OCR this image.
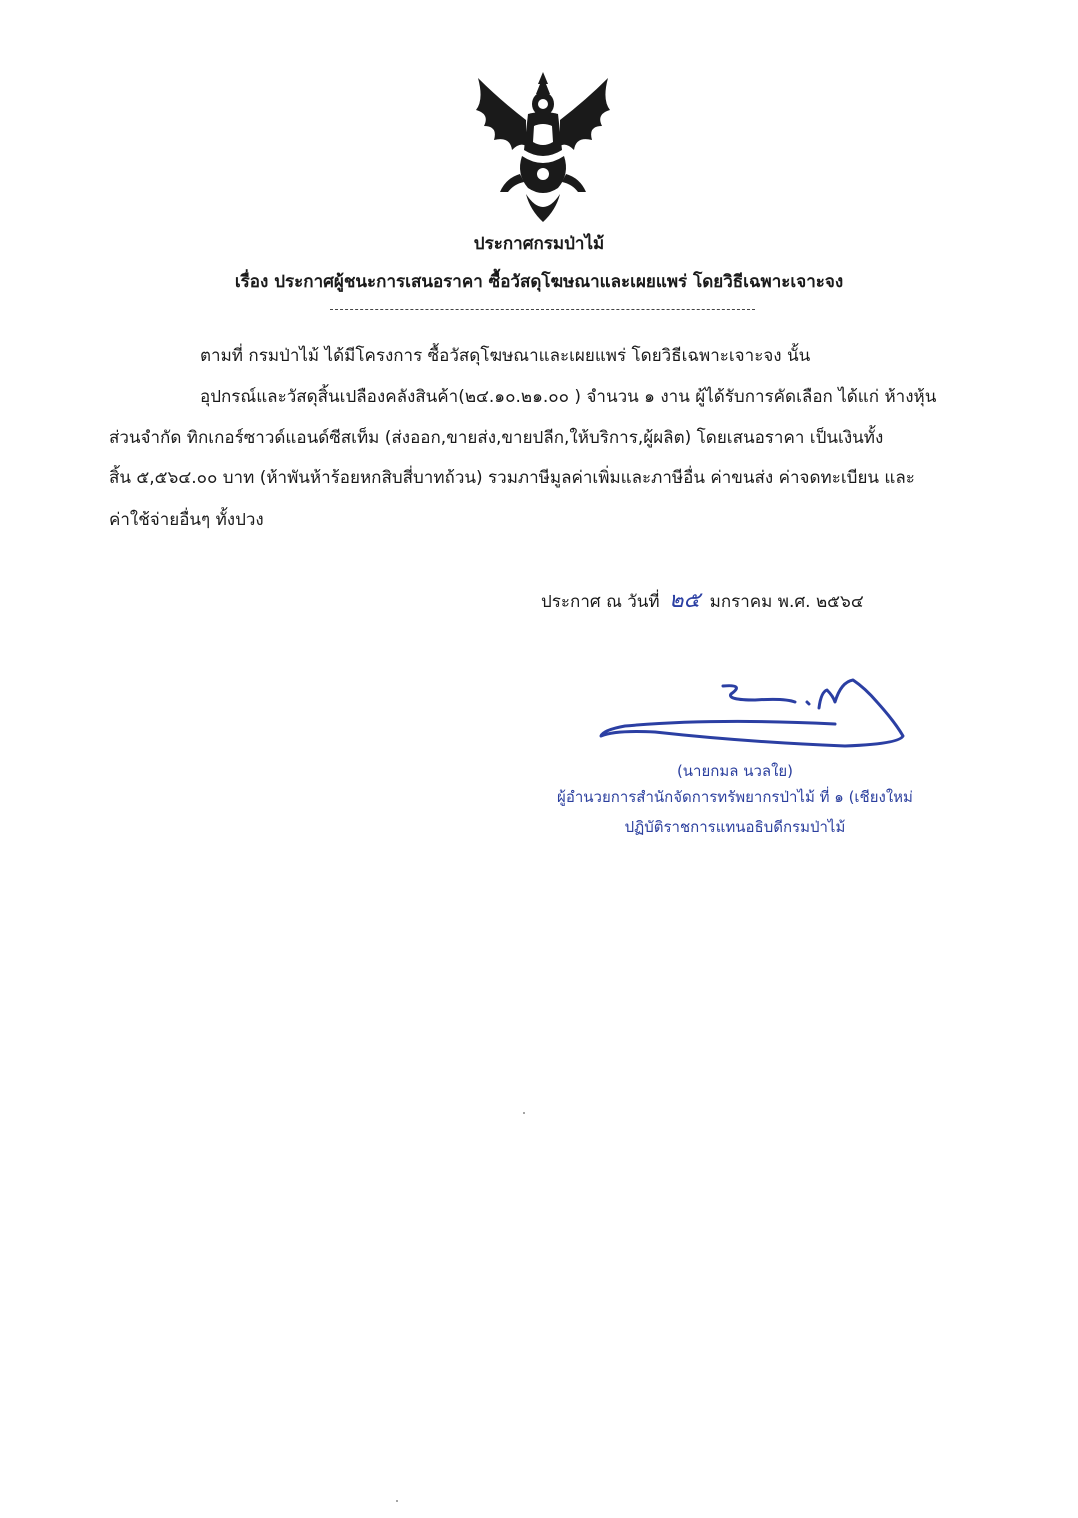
ประกาศกรมป่าไม้
เรื่อง ประกาศผู้ชนะการเสนอราคา ซื้อวัสดุโฆษณาและเผยแพร่ โดยวิธีเฉพาะเจาะจง
ตามที่ กรมป่าไม้ ได้มีโครงการ ซื้อวัสดุโฆษณาและเผยแพร่ โดยวิธีเฉพาะเจาะจง นั้น
อุปกรณ์และวัสดุสิ้นเปลืองคลังสินค้า(๒๔.๑๐.๒๑.๐๐ ) จำนวน ๑ งาน ผู้ได้รับการคัดเลือก ได้แก่ ห้างหุ้น
ส่วนจำกัด ทิกเกอร์ซาวด์แอนด์ซีสเท็ม (ส่งออก,ขายส่ง,ขายปลีก,ให้บริการ,ผู้ผลิต) โดยเสนอราคา เป็นเงินทั้ง
สิ้น ๕,๕๖๔.๐๐ บาท (ห้าพันห้าร้อยหกสิบสี่บาทถ้วน) รวมภาษีมูลค่าเพิ่มและภาษีอื่น ค่าขนส่ง ค่าจดทะเบียน และ
ค่าใช้จ่ายอื่นๆ ทั้งปวง
ประกาศ ณ วันที่ ๒๕ มกราคม พ.ศ. ๒๕๖๔
(นายกมล นวลใย)
ผู้อำนวยการสำนักจัดการทรัพยากรป่าไม้ ที่ ๑ (เชียงใหม่
ปฏิบัติราชการแทนอธิบดีกรมป่าไม้
